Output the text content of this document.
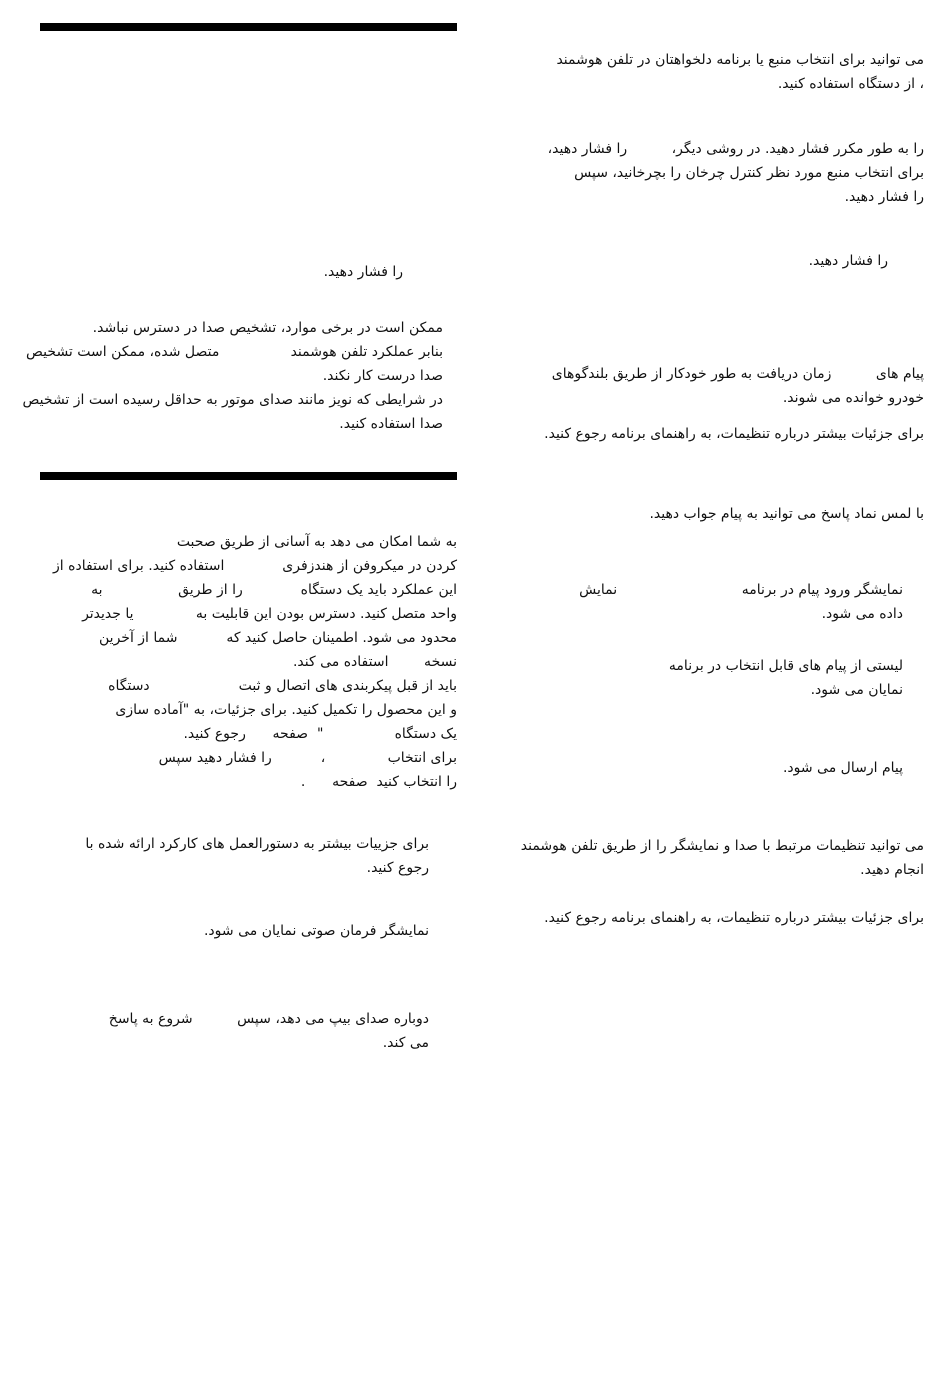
می توانید برای انتخاب منبع یا برنامه دلخواهتان در تلفن هوشمند
، از دستگاه استفاده کنید.
را به طور مکرر فشار دهید. در روشی دیگر،          را فشار دهید،
برای انتخاب منبع مورد نظر کنترل چرخان را بچرخانید، سپس
را فشار دهید.
را فشار دهید.
پیام های          زمان دریافت به طور خودکار از طریق بلندگوهای
خودرو خوانده می شوند.
برای جزئیات بیشتر درباره تنظیمات، به راهنمای برنامه رجوع کنید.
با لمس نماد پاسخ می توانید به پیام جواب دهید.
نمایشگر ورود پیام در برنامه                            نمایش
داده می شود.
لیستی از پیام های قابل انتخاب در برنامه
نمایان می شود.
پیام ارسال می شود.
می توانید تنظیمات مرتبط با صدا و نمایشگر را از طریق تلفن هوشمند
انجام دهید.
برای جزئیات بیشتر درباره تنظیمات، به راهنمای برنامه رجوع کنید.
را فشار دهید.
ممکن است در برخی موارد، تشخیص صدا در دسترس نباشد.
بنابر عملکرد تلفن هوشمند                متصل شده، ممکن است تشخیص
صدا درست کار نکند.
در شرایطی که نویز مانند صدای موتور به حداقل رسیده است از تشخیص
صدا استفاده کنید.
به شما امکان می دهد به آسانی از طریق صحبت
کردن در میکروفن از هندزفری             استفاده کنید. برای استفاده از
این عملکرد باید یک دستگاه             را از طریق                 به
واحد متصل کنید. دسترس بودن این قابلیت به              یا جدیدتر
محدود می شود. اطمینان حاصل کنید که           شما از آخرین
نسخه        استفاده می کند.
باید از قبل پیکربندی های اتصال و ثبت                    دستگاه
و این محصول را تکمیل کنید. برای جزئیات، به "آماده سازی
یک دستگاه                "  صفحه      رجوع کنید.
برای انتخاب              ،           را فشار دهید سپس
را انتخاب کنید  صفحه      .
برای جزییات بیشتر به دستورالعمل های کارکرد ارائه شده با
رجوع کنید.
نمایشگر فرمان صوتی نمایان می شود.
دوباره صدای بیپ می دهد، سپس          شروع به پاسخ
می کند.
